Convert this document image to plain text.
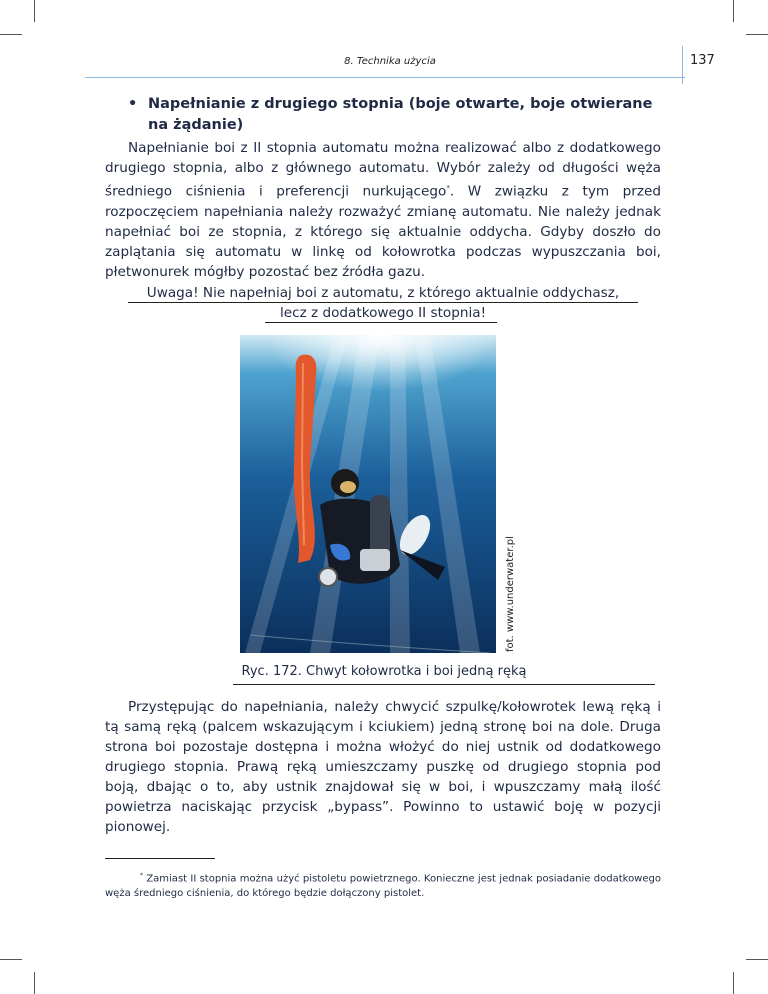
8. Technika użycia	137
• Napełnianie z drugiego stopnia (boje otwarte, boje otwierane na żądanie)
Napełnianie boi z II stopnia automatu można realizować albo z dodatkowego drugiego stopnia, albo z głównego automatu. Wybór zależy od długości węża średniego ciśnienia i preferencji nurkującego*. W związku z tym przed rozpoczęciem napełniania należy rozważyć zmianę automatu. Nie należy jednak napełniać boi ze stopnia, z którego się aktualnie oddycha. Gdyby doszło do zaplątania się automatu w linkę od kołowrotka podczas wypuszczania boi, płetwonurek mógłby pozostać bez źródła gazu.
Uwaga! Nie napełniaj boi z automatu, z którego aktualnie oddychasz,
lecz z dodatkowego II stopnia!
fot. www.underwater.pl
Ryc. 172. Chwyt kołowrotka i boi jedną ręką
Przystępując do napełniania, należy chwycić szpulkę/kołowrotek lewą ręką i tą samą ręką (palcem wskazującym i kciukiem) jedną stronę boi na dole. Druga strona boi pozostaje dostępna i można włożyć do niej ustnik od dodatkowego drugiego stopnia. Prawą ręką umieszczamy puszkę od drugiego stopnia pod boją, dbając o to, aby ustnik znajdował się w boi, i wpuszczamy małą ilość powietrza naciskając przycisk „bypass”. Powinno to ustawić boję w pozycji pionowej.
* Zamiast II stopnia można użyć pistoletu powietrznego. Konieczne jest jednak posiadanie dodatkowego węża średniego ciśnienia, do którego będzie dołączony pistolet.
